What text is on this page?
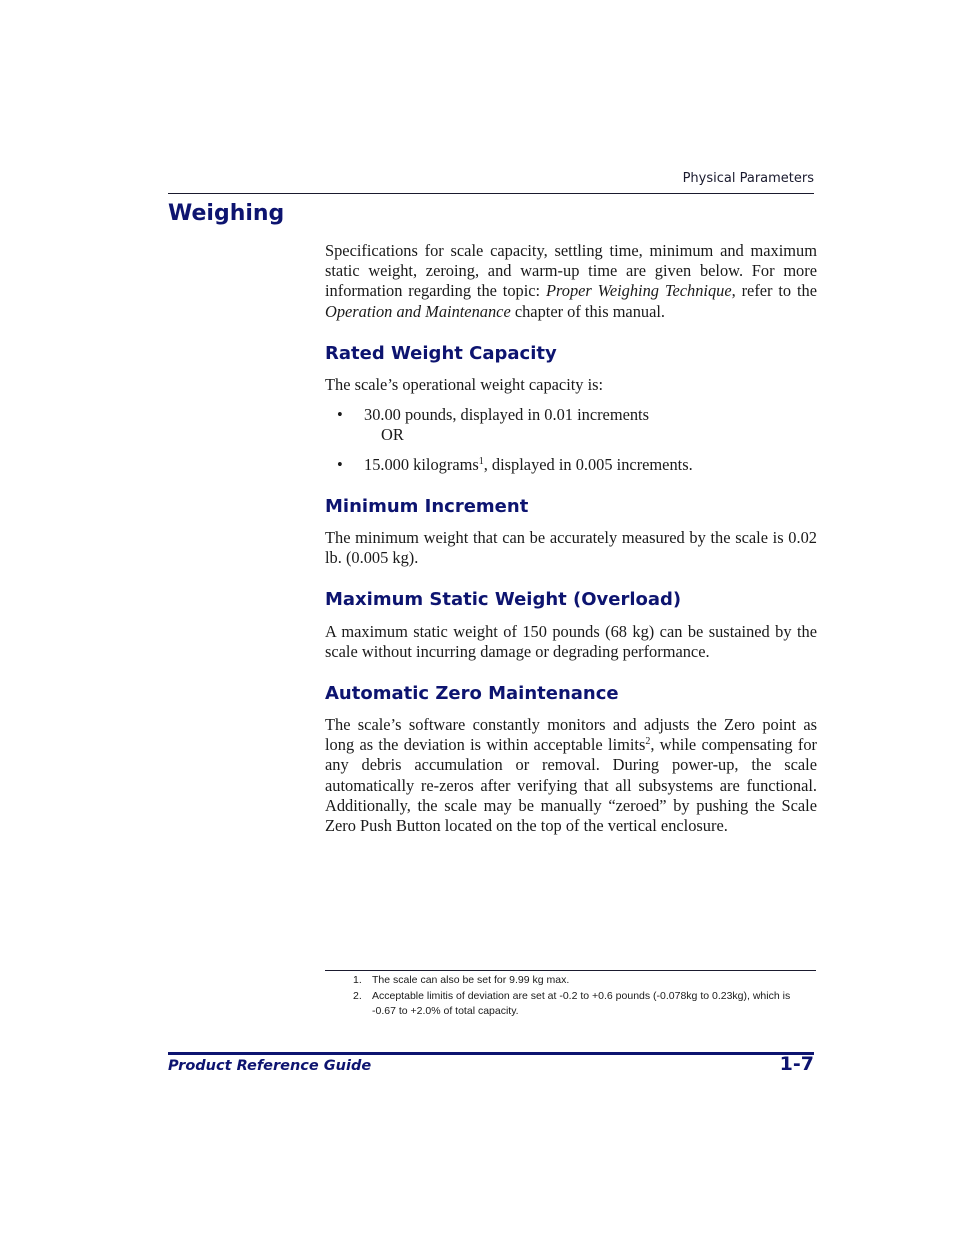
Physical Parameters
Weighing

Specifications for scale capacity, settling time, minimum and maximum static weight, zeroing, and warm-up time are given below. For more information regarding the topic: Proper Weighing Technique, refer to the Operation and Maintenance chapter of this manual.

Rated Weight Capacity

The scale’s operational weight capacity is:

• 30.00 pounds, displayed in 0.01 increments
OR
• 15.000 kilograms$^1$, displayed in 0.005 increments.
Minimum Increment

The minimum weight that can be accurately measured by the scale is 0.02 lb. (0.005 kg).

Maximum Static Weight (Overload)

A maximum static weight of 150 pounds (68 kg) can be sustained by the scale without incurring damage or degrading performance.

Automatic Zero Maintenance

The scale’s software constantly monitors and adjusts the Zero point as long as the deviation is within acceptable limits$^2$, while compensating for any debris accumulation or removal. During power-up, the scale automatically re-zeros after verifying that all subsystems are functional. Additionally, the scale may be manually “zeroed” by pushing the Scale Zero Push Button located on the top of the vertical enclosure.

1. The scale can also be set for 9.99 kg max.
2. Acceptable limitis of deviation are set at -0.2 to +0.6 pounds (-0.078kg to 0.23kg), which is -0.67 to +2.0% of total capacity.
Product Reference Guide	1-7
